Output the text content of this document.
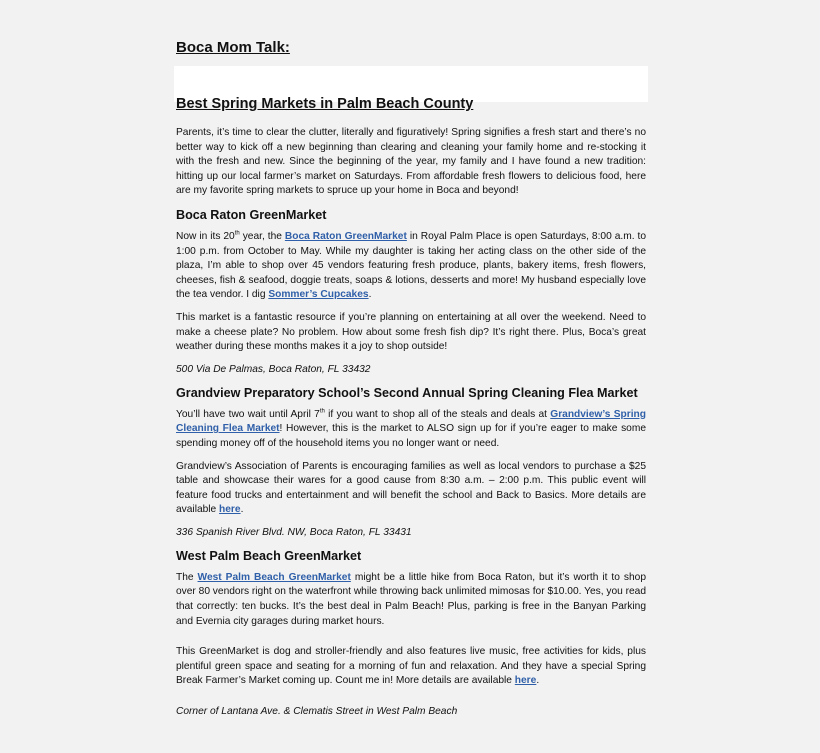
Boca Mom Talk:
Best Spring Markets in Palm Beach County

Parents, it’s time to clear the clutter, literally and figuratively! Spring signifies a fresh start and there’s no better way to kick off a new beginning than clearing and cleaning your family home and re-stocking it with the fresh and new. Since the beginning of the year, my family and I have found a new tradition: hitting up our local farmer’s market on Saturdays. From affordable fresh flowers to delicious food, here are my favorite spring markets to spruce up your home in Boca and beyond!

Boca Raton GreenMarket

Now in its 20th year, the Boca Raton GreenMarket in Royal Palm Place is open Saturdays, 8:00 a.m. to 1:00 p.m. from October to May. While my daughter is taking her acting class on the other side of the plaza, I’m able to shop over 45 vendors featuring fresh produce, plants, bakery items, fresh flowers, cheeses, fish & seafood, doggie treats, soaps & lotions, desserts and more! My husband especially love the tea vendor. I dig Sommer’s Cupcakes.

This market is a fantastic resource if you’re planning on entertaining at all over the weekend. Need to make a cheese plate? No problem. How about some fresh fish dip? It’s right there. Plus, Boca’s great weather during these months makes it a joy to shop outside!

500 Via De Palmas, Boca Raton, FL 33432
Grandview Preparatory School’s Second Annual Spring Cleaning Flea Market

You’ll have two wait until April 7th if you want to shop all of the steals and deals at Grandview’s Spring Cleaning Flea Market! However, this is the market to ALSO sign up for if you’re eager to make some spending money off of the household items you no longer want or need.

Grandview’s Association of Parents is encouraging families as well as local vendors to purchase a $25 table and showcase their wares for a good cause from 8:30 a.m. – 2:00 p.m. This public event will feature food trucks and entertainment and will benefit the school and Back to Basics. More details are available here.

336 Spanish River Blvd. NW, Boca Raton, FL 33431
West Palm Beach GreenMarket

The West Palm Beach GreenMarket might be a little hike from Boca Raton, but it’s worth it to shop over 80 vendors right on the waterfront while throwing back unlimited mimosas for $10.00. Yes, you read that correctly: ten bucks. It’s the best deal in Palm Beach! Plus, parking is free in the Banyan Parking and Evernia city garages during market hours.

This GreenMarket is dog and stroller-friendly and also features live music, free activities for kids, plus plentiful green space and seating for a morning of fun and relaxation. And they have a special Spring Break Farmer’s Market coming up. Count me in! More details are available here.

Corner of Lantana Ave. & Clematis Street in West Palm Beach
